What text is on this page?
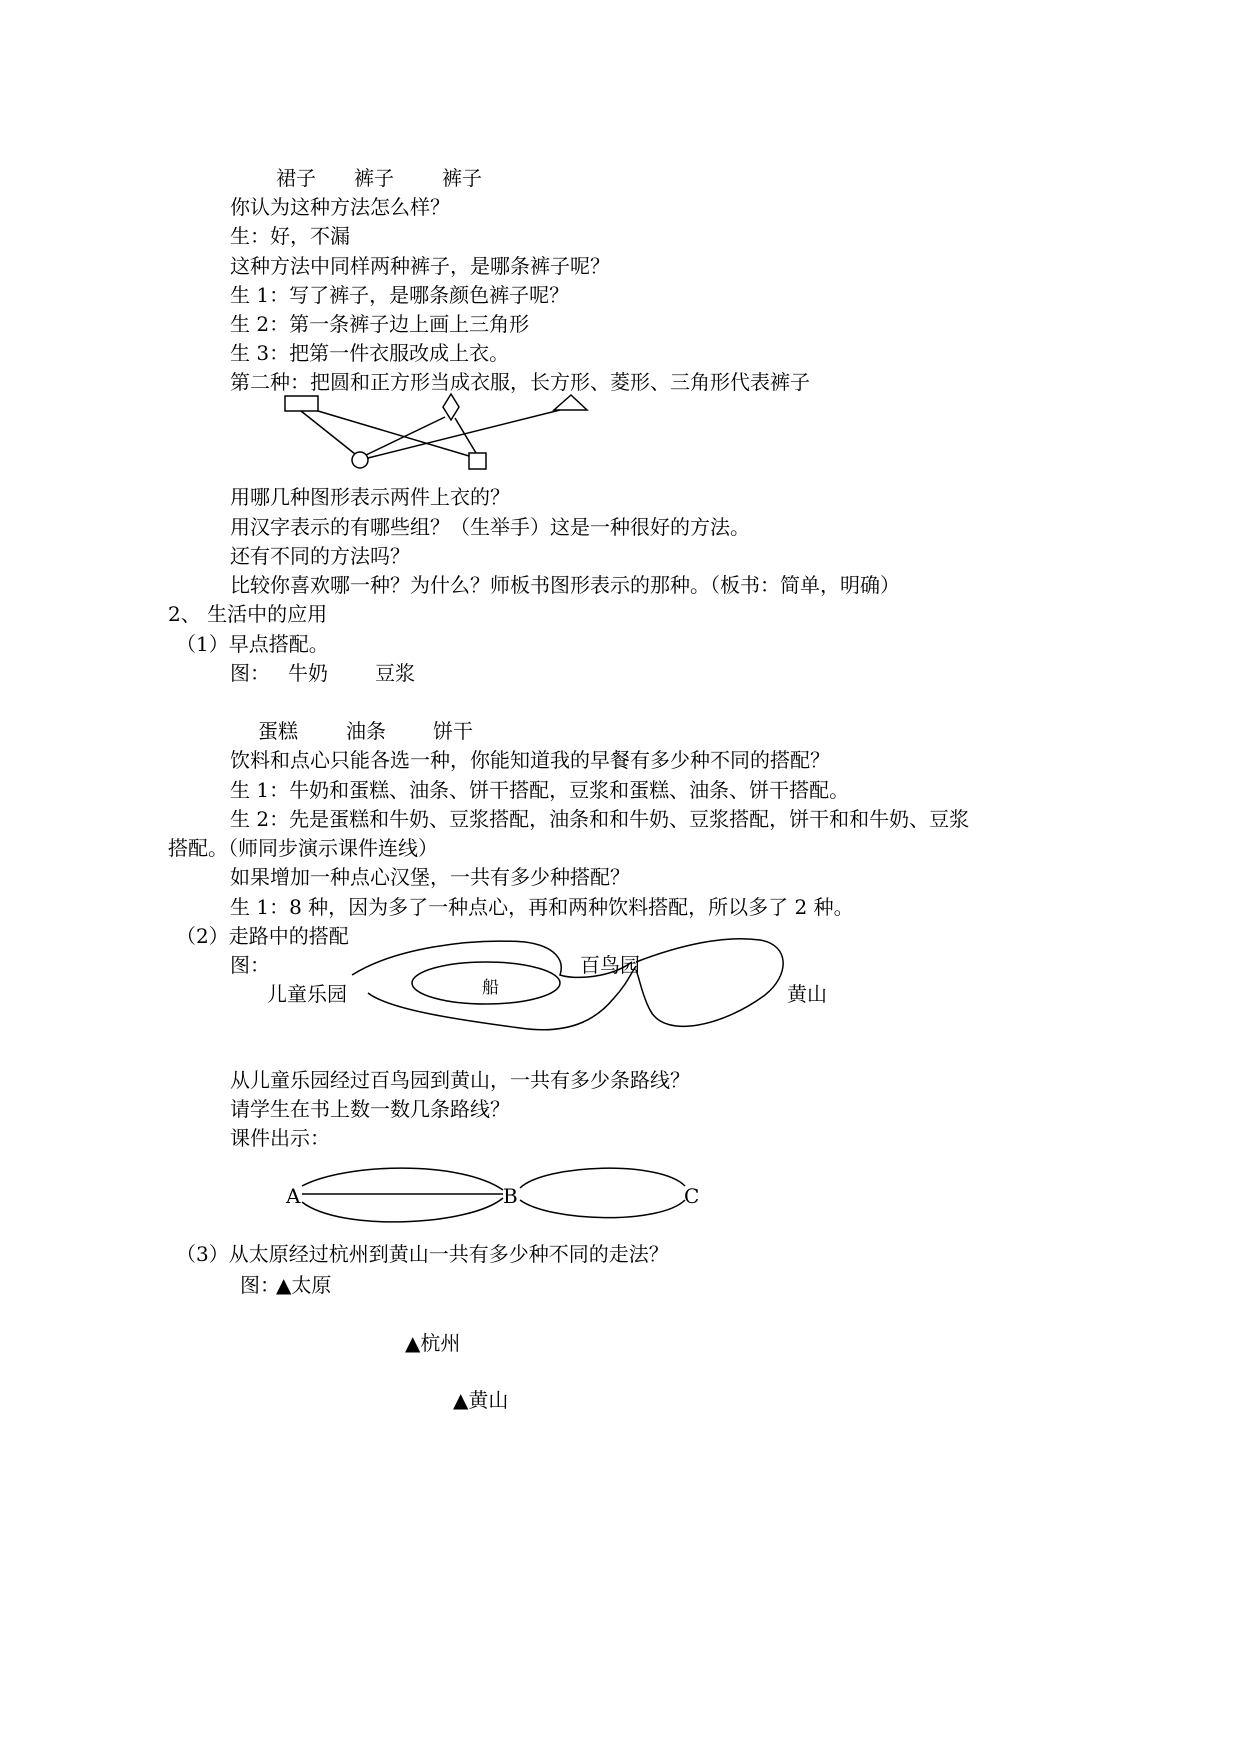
裙子 裤子 裤子
你认为这种方法怎么样？
生：好，不漏
这种方法中同样两种裤子，是哪条裤子呢？
生 1：写了裤子，是哪条颜色裤子呢？
生 2：第一条裤子边上画上三角形
生 3：把第一件衣服改成上衣。
第二种：把圆和正方形当成衣服，长方形、菱形、三角形代表裤子
用哪几种图形表示两件上衣的？
用汉字表示的有哪些组？（生举手）这是一种很好的方法。
还有不同的方法吗？
比较你喜欢哪一种？为什么？师板书图形表示的那种。（板书：简单，明确）
2、 生活中的应用
（1）早点搭配。
图： 牛奶 豆浆
蛋糕 油条 饼干
饮料和点心只能各选一种，你能知道我的早餐有多少种不同的搭配？
生 1：牛奶和蛋糕、油条、饼干搭配，豆浆和蛋糕、油条、饼干搭配。
生 2：先是蛋糕和牛奶、豆浆搭配，油条和和牛奶、豆浆搭配，饼干和和牛奶、豆浆
搭配。（师同步演示课件连线）
如果增加一种点心汉堡，一共有多少种搭配？
生 1：8 种，因为多了一种点心，再和两种饮料搭配，所以多了 2 种。
（2）走路中的搭配
图：
儿童乐园
百鸟园
黄山
船
从儿童乐园经过百鸟园到黄山，一共有多少条路线？
请学生在书上数一数几条路线？
课件出示：
A	B	C
（3）从太原经过杭州到黄山一共有多少种不同的走法？
图：
▲太原
▲杭州
▲黄山
